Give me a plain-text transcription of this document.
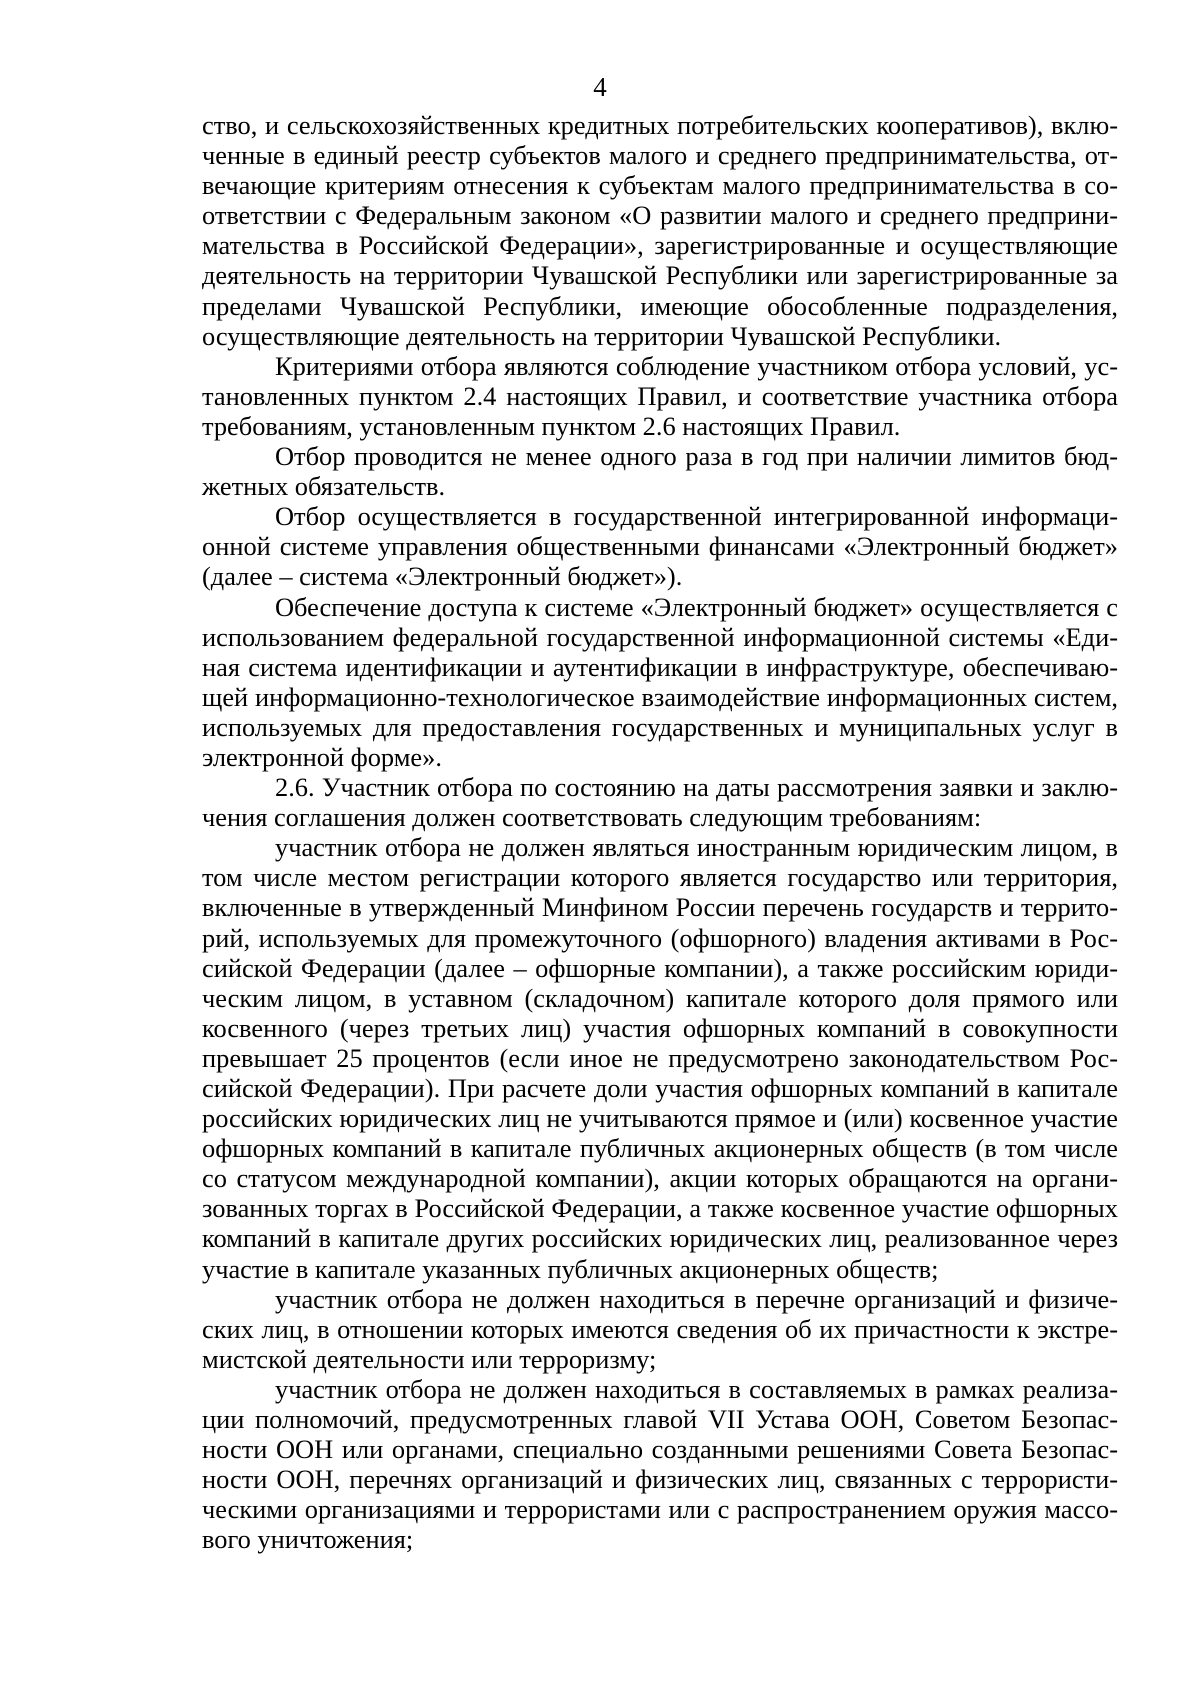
4

ство, и сельскохозяйственных кредитных потребительских кооперативов), включенные в единый реестр субъектов малого и среднего предпринимательства, отвечающие критериям отнесения к субъектам малого предпринимательства в соответствии с Федеральным законом «О развитии малого и среднего предпринимательства в Российской Федерации», зарегистрированные и осуществляющие деятельность на территории Чувашской Республики или зарегистрированные за пределами Чувашской Республики, имеющие обособленные подразделения, осуществляющие деятельность на территории Чувашской Республики.

Критериями отбора являются соблюдение участником отбора условий, установленных пунктом 2.4 настоящих Правил, и соответствие участника отбора требованиям, установленным пунктом 2.6 настоящих Правил.

Отбор проводится не менее одного раза в год при наличии лимитов бюджетных обязательств.

Отбор осуществляется в государственной интегрированной информационной системе управления общественными финансами «Электронный бюджет» (далее – система «Электронный бюджет»).

Обеспечение доступа к системе «Электронный бюджет» осуществляется с использованием федеральной государственной информационной системы «Единая система идентификации и аутентификации в инфраструктуре, обеспечивающей информационно-технологическое взаимодействие информационных систем, используемых для предоставления государственных и муниципальных услуг в электронной форме».

2.6. Участник отбора по состоянию на даты рассмотрения заявки и заключения соглашения должен соответствовать следующим требованиям:

участник отбора не должен являться иностранным юридическим лицом, в том числе местом регистрации которого является государство или территория, включенные в утвержденный Минфином России перечень государств и территорий, используемых для промежуточного (офшорного) владения активами в Российской Федерации (далее – офшорные компании), а также российским юридическим лицом, в уставном (складочном) капитале которого доля прямого или косвенного (через третьих лиц) участия офшорных компаний в совокупности превышает 25 процентов (если иное не предусмотрено законодательством Российской Федерации). При расчете доли участия офшорных компаний в капитале российских юридических лиц не учитываются прямое и (или) косвенное участие офшорных компаний в капитале публичных акционерных обществ (в том числе со статусом международной компании), акции которых обращаются на организованных торгах в Российской Федерации, а также косвенное участие офшорных компаний в капитале других российских юридических лиц, реализованное через участие в капитале указанных публичных акционерных обществ;

участник отбора не должен находиться в перечне организаций и физических лиц, в отношении которых имеются сведения об их причастности к экстремистской деятельности или терроризму;

участник отбора не должен находиться в составляемых в рамках реализации полномочий, предусмотренных главой VII Устава ООН, Советом Безопасности ООН или органами, специально созданными решениями Совета Безопасности ООН, перечнях организаций и физических лиц, связанных с террористическими организациями и террористами или с распространением оружия массового уничтожения;
